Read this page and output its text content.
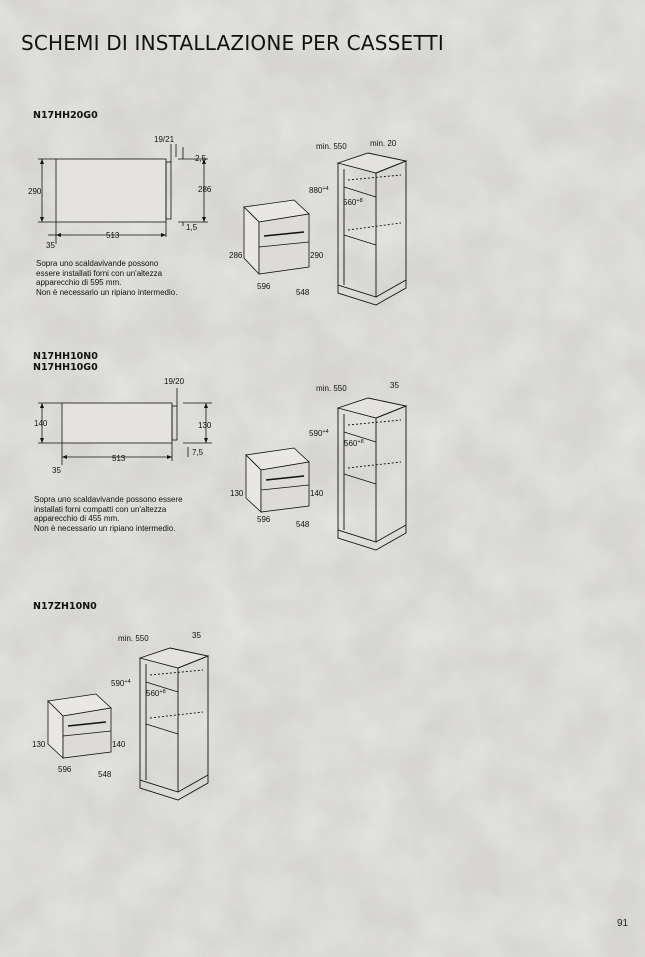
SCHEMI DI INSTALLAZIONE PER CASSETTI
N17HH20G0
19/21
2,5
290	286
1,5
35
513
Sopra uno scaldavivande possono
essere installati forni con un'altezza
apparecchio di 595 mm.
Non è necessario un ripiano intermedio.
286	290
596
548
min. 550	min. 20
$880^{+4}$
$560^{+8}$
N17HH10N0
N17HH10G0
19/20
140	130
7,5
35
513
Sopra uno scaldavivande possono essere
installati forni compatti con un'altezza
apparecchio di 455 mm.
Non è necessario un ripiano intermedio.
130	140
596
548
min. 550	35
$590^{+4}$
$560^{+8}$
N17ZH10N0
130	140
596
548
min. 550	35
$590^{+4}$
$560^{+8}$
91
